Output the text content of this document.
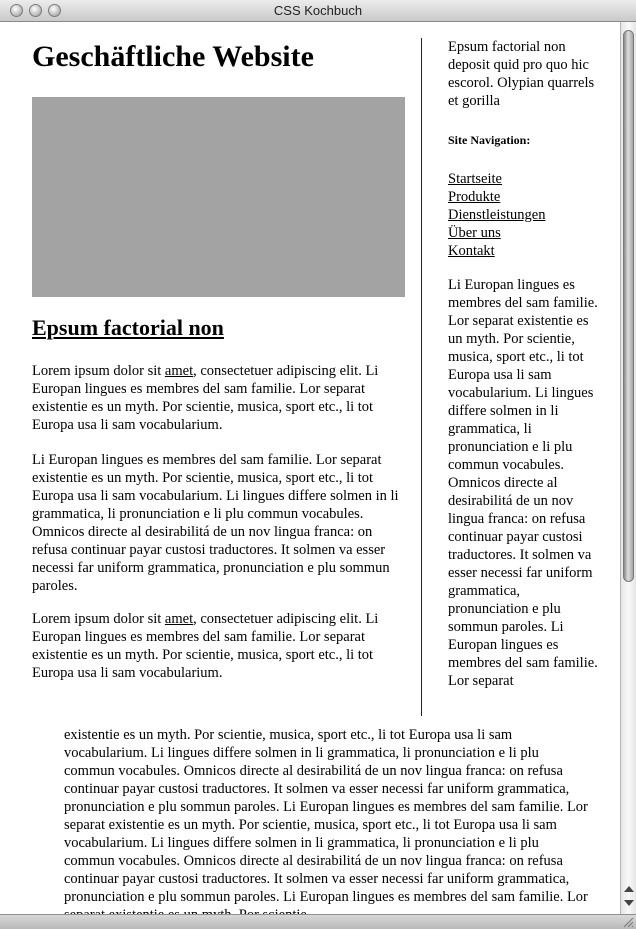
CSS Kochbuch
Geschäftliche Website
Epsum factorial non

Lorem ipsum dolor sit amet, consectetuer adipiscing elit. Li Europan lingues es membres del sam familie. Lor separat existentie es un myth. Por scientie, musica, sport etc., li tot Europa usa li sam vocabularium.

Li Europan lingues es membres del sam familie. Lor separat existentie es un myth. Por scientie, musica, sport etc., li tot Europa usa li sam vocabularium. Li lingues differe solmen in li grammatica, li pronunciation e li plu commun vocabules. Omnicos directe al desirabilitá de un nov lingua franca: on refusa continuar payar custosi traductores. It solmen va esser necessi far uniform grammatica, pronunciation e plu sommun paroles.

Lorem ipsum dolor sit amet, consectetuer adipiscing elit. Li Europan lingues es membres del sam familie. Lor separat existentie es un myth. Por scientie, musica, sport etc., li tot Europa usa li sam vocabularium.

Epsum factorial non deposit quid pro quo hic escorol. Olypian quarrels et gorilla

Site Navigation:

Startseite
Produkte
Dienstleistungen
Über uns
Kontakt

Li Europan lingues es membres del sam familie. Lor separat existentie es un myth. Por scientie, musica, sport etc., li tot Europa usa li sam vocabularium. Li lingues differe solmen in li grammatica, li pronunciation e li plu commun vocabules. Omnicos directe al desirabilitá de un nov lingua franca: on refusa continuar payar custosi traductores. It solmen va esser necessi far uniform grammatica, pronunciation e plu sommun paroles. Li Europan lingues es membres del sam familie. Lor separat

existentie es un myth. Por scientie, musica, sport etc., li tot Europa usa li sam vocabularium. Li lingues differe solmen in li grammatica, li pronunciation e li plu commun vocabules. Omnicos directe al desirabilitá de un nov lingua franca: on refusa continuar payar custosi traductores. It solmen va esser necessi far uniform grammatica, pronunciation e plu sommun paroles. Li Europan lingues es membres del sam familie. Lor separat existentie es un myth. Por scientie, musica, sport etc., li tot Europa usa li sam vocabularium. Li lingues differe solmen in li grammatica, li pronunciation e li plu commun vocabules. Omnicos directe al desirabilitá de un nov lingua franca: on refusa continuar payar custosi traductores. It solmen va esser necessi far uniform grammatica, pronunciation e plu sommun paroles. Li Europan lingues es membres del sam familie. Lor
